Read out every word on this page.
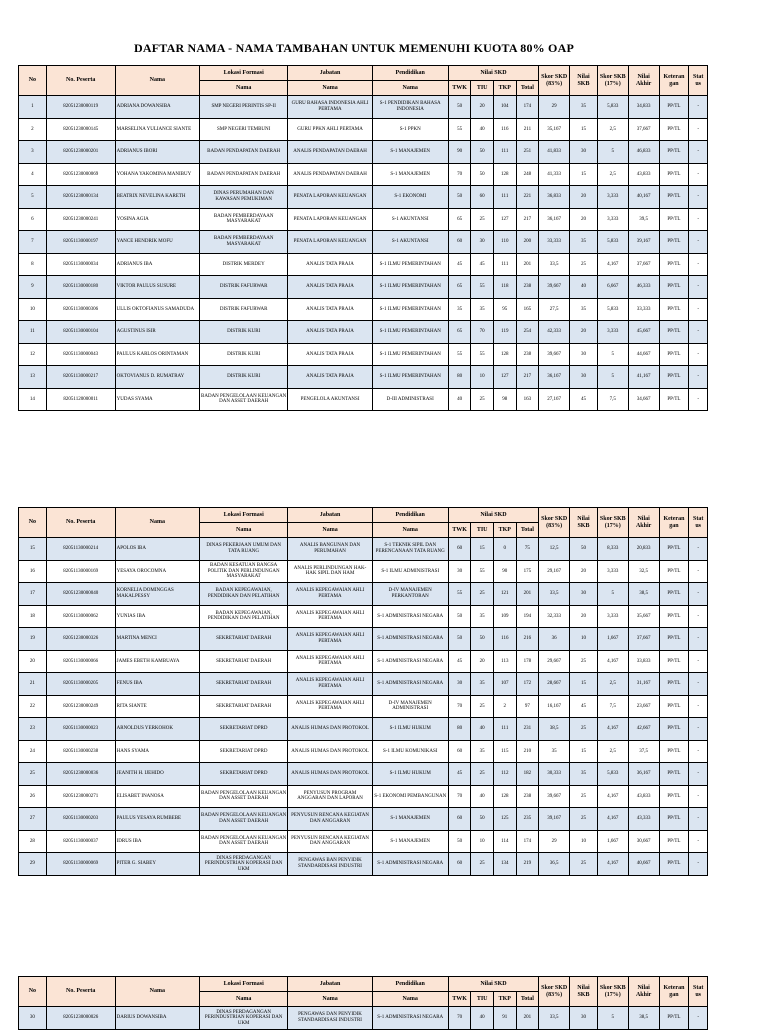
DAFTAR NAMA - NAMA TAMBAHAN UNTUK MEMENUHI KUOTA 80% OAP
No	No. Peserta	Nama	Lokasi Formasi	Jabatan	Pendidikan	Nilai SKD				Skor SKD (83%)	Nilai SKB	Skor SKB (17%)	Nilai Akhir	Keteran gan	Stat us
			Nama	Nama	Nama	TWK	TIU	TKP	Total						
1	82051230000119	ADRIANA DOWANSIBA	SMP NEGERI PERINTIS SP-II	GURU BAHASA INDONESIA AHLI PERTAMA	S-1 PENDIDIKAN BAHASA INDONESIA	50	20	104	174	29	35	5,833	34,833	PP/TL	-
2	82051230000145	MARSELINA YULIANCE SIANTE	SMP NEGERI TEMBUNI	GURU PPKN AHLI PERTAMA	S-1 PPKN	55	40	116	211	35,167	15	2,5	37,667	PP/TL	-
3	82051230000201	ADRIANUS IBORI	BADAN PENDAPATAN DAERAH	ANALIS PENDAPATAN DAERAH	S-1 MANAJEMEN	90	50	111	251	41,833	30	5	46,833	PP/TL	-
4	82051230000069	YOHANA YAKOMINA MANIBUY	BADAN PENDAPATAN DAERAH	ANALIS PENDAPATAN DAERAH	S-1 MANAJEMEN	70	50	128	248	41,333	15	2,5	43,833	PP/TL	-
5	82051230000134	BEATRIX NEVELINA KARETH	DINAS PERUMAHAN DAN KAWASAN PEMUKIMAN	PENATA LAPORAN KEUANGAN	S-1 EKONOMI	50	60	111	221	36,833	20	3,333	40,167	PP/TL	-
6	82051230000241	YOSINA AGIA	BADAN PEMBERDAYAAN MASYARAKAT	PENATA LAPORAN KEUANGAN	S-1 AKUNTANSI	65	25	127	217	36,167	20	3,333	39,5	PP/TL	-
7	82051130000197	YANCE HENDRIK MOFU	BADAN PEMBERDAYAAN MASYARAKAT	PENATA LAPORAN KEUANGAN	S-1 AKUNTANSI	60	30	110	200	33,333	35	5,833	39,167	PP/TL	-
8	82051130000034	ADRIANUS IBA	DISTRIK MERDEY	ANALIS TATA PRAJA	S-1 ILMU PEMERINTAHAN	45	45	111	201	33,5	25	4,167	37,667	PP/TL	-
9	82051130000180	VIKTOR PAULUS SUSURE	DISTRIK FAFURWAR	ANALIS TATA PRAJA	S-1 ILMU PEMERINTAHAN	65	55	118	238	39,667	40	6,667	46,333	PP/TL	-
10	82051130000306	ULLIS OKTOFIANUS SAMADUDA	DISTRIK FAFURWAR	ANALIS TATA PRAJA	S-1 ILMU PEMERINTAHAN	35	35	95	165	27,5	35	5,833	33,333	PP/TL	-
11	82051130000104	AGUSTINUS ISIR	DISTRIK KURI	ANALIS TATA PRAJA	S-1 ILMU PEMERINTAHAN	65	70	119	254	42,333	20	3,333	45,667	PP/TL	-
12	82051130000043	PAULUS KARLOS ORINTAMAN	DISTRIK KURI	ANALIS TATA PRAJA	S-1 ILMU PEMERINTAHAN	55	55	128	238	39,667	30	5	44,667	PP/TL	-
13	82051130000217	OKTOVIANUS D. RUMATRAY	DISTRIK KURI	ANALIS TATA PRAJA	S-1 ILMU PEMERINTAHAN	80	10	127	217	36,167	30	5	41,167	PP/TL	-
14	82051120000011	YUDAS SYAMA	BADAN PENGELOLAAN KEUANGAN DAN ASSET DAERAH	PENGELOLA AKUNTANSI	D-III ADMINISTRASI	40	25	98	163	27,167	45	7,5	34,667	PP/TL	-
No	No. Peserta	Nama	Lokasi Formasi	Jabatan	Pendidikan	Nilai SKD				Skor SKD (83%)	Nilai SKB	Skor SKB (17%)	Nilai Akhir	Keteran gan	Stat us
			Nama	Nama	Nama	TWK	TIU	TKP	Total						
15	82051130000214	APOLOS IBA	DINAS PEKERJAAN UMUM DAN TATA RUANG	ANALIS BANGUNAN DAN PERUMAHAN	S-1 TEKNIK SIPIL DAN PERENCANAAN TATA RUANG	60	15	0	75	12,5	50	8,333	20,833	PP/TL	-
16	82051130000169	YESAYA OROCOMNA	BADAN KESATUAN BANGSA POLITIK DAN PERLINDUNGAN MASYARAKAT	ANALIS PERLINDUNGAN HAK-HAK SIPIL DAN HAM	S-1 ILMU ADMINISTRASI	30	55	90	175	29,167	20	3,333	32,5	PP/TL	-
17	82051230000040	KORNELIA DOMINGGAS MAKALPESSY	BADAN KEPEGAWAIAN, PENDIDIKAN DAN PELATIHAN	ANALIS KEPEGAWAIAN AHLI PERTAMA	D-IV MANAJEMEN PERKANTORAN	55	25	121	201	33,5	30	5	38,5	PP/TL	-
18	82051130000062	YUNIAS IBA	BADAN KEPEGAWAIAN, PENDIDIKAN DAN PELATIHAN	ANALIS KEPEGAWAIAN AHLI PERTAMA	S-1 ADMINISTRASI NEGARA	50	35	109	194	32,333	20	3,333	35,667	PP/TL	-
19	82051230000326	MARTINA MENCI	SEKRETARIAT DAERAH	ANALIS KEPEGAWAIAN AHLI PERTAMA	S-1 ADMINISTRASI NEGARA	50	50	116	216	36	10	1,667	37,667	PP/TL	-
20	82051130000066	JAMES EBETH KAMBUAYA	SEKRETARIAT DAERAH	ANALIS KEPEGAWAIAN AHLI PERTAMA	S-1 ADMINISTRASI NEGARA	45	20	113	178	29,667	25	4,167	33,833	PP/TL	-
21	82051130000205	FENUS IBA	SEKRETARIAT DAERAH	ANALIS KEPEGAWAIAN AHLI PERTAMA	S-1 ADMINISTRASI NEGARA	30	35	107	172	28,667	15	2,5	31,167	PP/TL	-
22	82051230000249	RITA SIANTE	SEKRETARIAT DAERAH	ANALIS KEPEGAWAIAN AHLI PERTAMA	D-IV MANAJEMEN ADMINISTRASI	70	25	2	97	16,167	45	7,5	23,667	PP/TL	-
23	82051130000023	ARNOLDUS YERKOHOK	SEKRETARIAT DPRD	ANALIS HUMAS DAN PROTOKOL	S-1 ILMU HUKUM	80	40	111	231	38,5	25	4,167	42,667	PP/TL	-
24	82051130000238	HANS SYAMA	SEKRETARIAT DPRD	ANALIS HUMAS DAN PROTOKOL	S-1 ILMU KOMUNIKASI	60	35	115	210	35	15	2,5	37,5	PP/TL	-
25	82051230000036	JEANITH H. IJEHIDO	SEKRETARIAT DPRD	ANALIS HUMAS DAN PROTOKOL	S-1 ILMU HUKUM	45	25	112	182	30,333	35	5,833	36,167	PP/TL	-
26	82051230000271	ELISABET INANOSA	BADAN PENGELOLAAN KEUANGAN DAN ASSET DAERAH	PENYUSUN PROGRAM ANGGARAN DAN LAPORAN	S-1 EKONOMI PEMBANGUNAN	70	40	128	238	39,667	25	4,167	43,833	PP/TL	-
27	82051130000203	PAULUS YESAYA RUMBEBE	BADAN PENGELOLAAN KEUANGAN DAN ASSET DAERAH	PENYUSUN RENCANA KEGIATAN DAN ANGGARAN	S-1 MANAJEMEN	60	50	125	235	39,167	25	4,167	43,333	PP/TL	-
28	82051130000037	IDRUS IBA	BADAN PENGELOLAAN KEUANGAN DAN ASSET DAERAH	PENYUSUN RENCANA KEGIATAN DAN ANGGARAN	S-1 MANAJEMEN	50	10	114	174	29	10	1,667	30,667	PP/TL	-
29	82051130000069	PITER G. SIABEY	DINAS PERDAGANGAN PERINDUSTRIAN KOPERASI DAN UKM	PENGAWAS BAN PENYIDIK STANDARDISASI INDUSTRI	S-1 ADMINISTRASI NEGARA	60	25	134	219	36,5	25	4,167	40,667	PP/TL	-
No	No. Peserta	Nama	Lokasi Formasi	Jabatan	Pendidikan	Nilai SKD				Skor SKD (83%)	Nilai SKB	Skor SKB (17%)	Nilai Akhir	Keteran gan	Stat us
			Nama	Nama	Nama	TWK	TIU	TKP	Total						
30	82051230000026	DARIUS DOWANSIBA	DINAS PERDAGANGAN PERINDUSTRIAN KOPERASI DAN UKM	PENGAWAS DAN PENYIDIK STANDARDISASI INDUSTRI	S-1 ADMINISTRASI NEGARA	70	40	91	201	33,5	30	5	38,5	PP/TL	-
